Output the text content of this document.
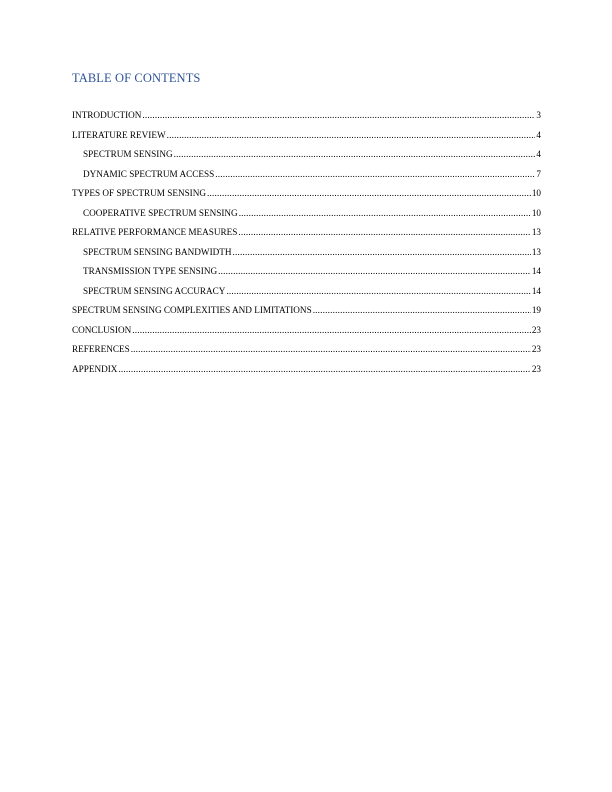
TABLE OF CONTENTS
INTRODUCTION .....	3
LITERATURE REVIEW .....	4
SPECTRUM SENSING .....	4
DYNAMIC SPECTRUM ACCESS .....	7
TYPES OF SPECTRUM SENSING .....	10
COOPERATIVE SPECTRUM SENSING .....	10
RELATIVE PERFORMANCE MEASURES .....	13
SPECTRUM SENSING BANDWIDTH .....	13
TRANSMISSION TYPE SENSING .....	14
SPECTRUM SENSING ACCURACY .....	14
SPECTRUM SENSING COMPLEXITIES AND LIMITATIONS .....	19
CONCLUSION .....	23
REFERENCES .....	23
APPENDIX .....	23
